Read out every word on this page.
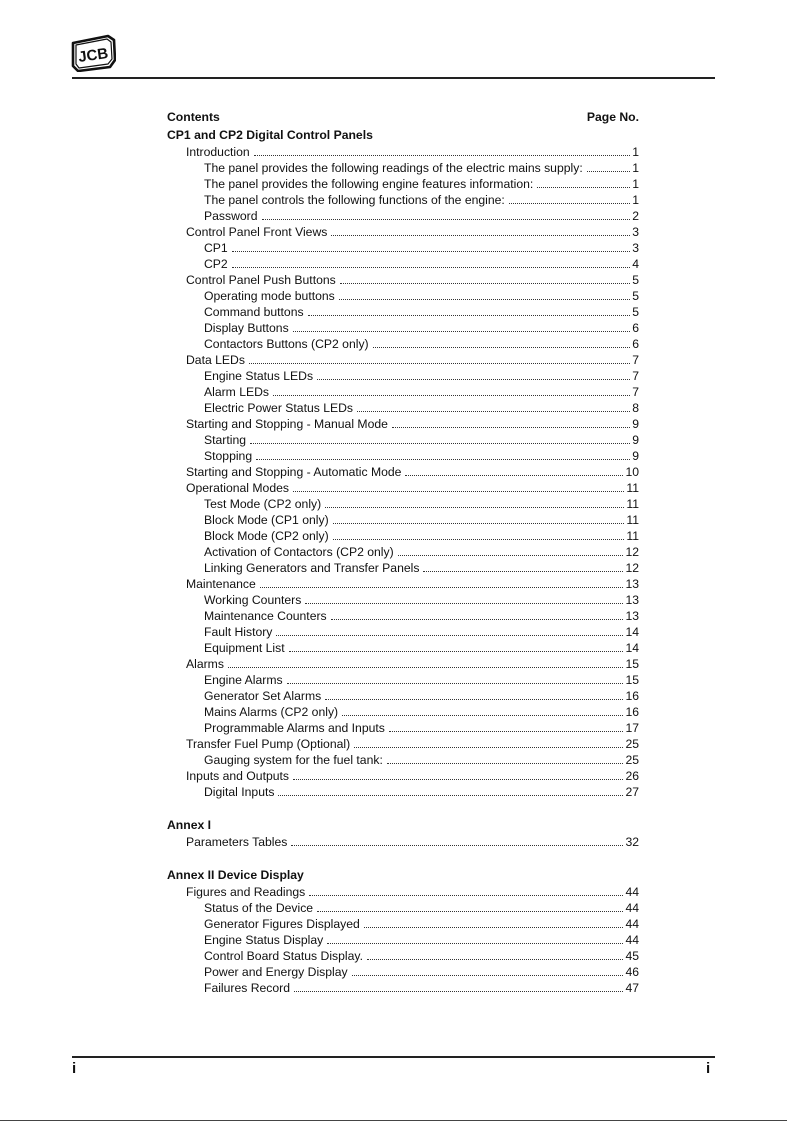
JCB
Contents	Page No.
CP1 and CP2 Digital Control Panels
Introduction	1
The panel provides the following readings of the electric mains supply:	1
The panel provides the following engine features information:	1
The panel controls the following functions of the engine:	1
Password	2
Control Panel Front Views	3
CP1	3
CP2	4
Control Panel Push Buttons	5
Operating mode buttons	5
Command buttons	5
Display Buttons	6
Contactors Buttons (CP2 only)	6
Data LEDs	7
Engine Status LEDs	7
Alarm LEDs	7
Electric Power Status LEDs	8
Starting and Stopping - Manual Mode	9
Starting	9
Stopping	9
Starting and Stopping - Automatic Mode	10
Operational Modes	11
Test Mode (CP2 only)	11
Block Mode (CP1 only)	11
Block Mode (CP2 only)	11
Activation of Contactors (CP2 only)	12
Linking Generators and Transfer Panels	12
Maintenance	13
Working Counters	13
Maintenance Counters	13
Fault History	14
Equipment List	14
Alarms	15
Engine Alarms	15
Generator Set Alarms	16
Mains Alarms (CP2 only)	16
Programmable Alarms and Inputs	17
Transfer Fuel Pump (Optional)	25
Gauging system for the fuel tank:	25
Inputs and Outputs	26
Digital Inputs	27
Annex I
Parameters Tables	32
Annex II Device Display
Figures and Readings	44
Status of the Device	44
Generator Figures Displayed	44
Engine Status Display	44
Control Board Status Display.	45
Power and Energy Display	46
Failures Record	47
i	i
